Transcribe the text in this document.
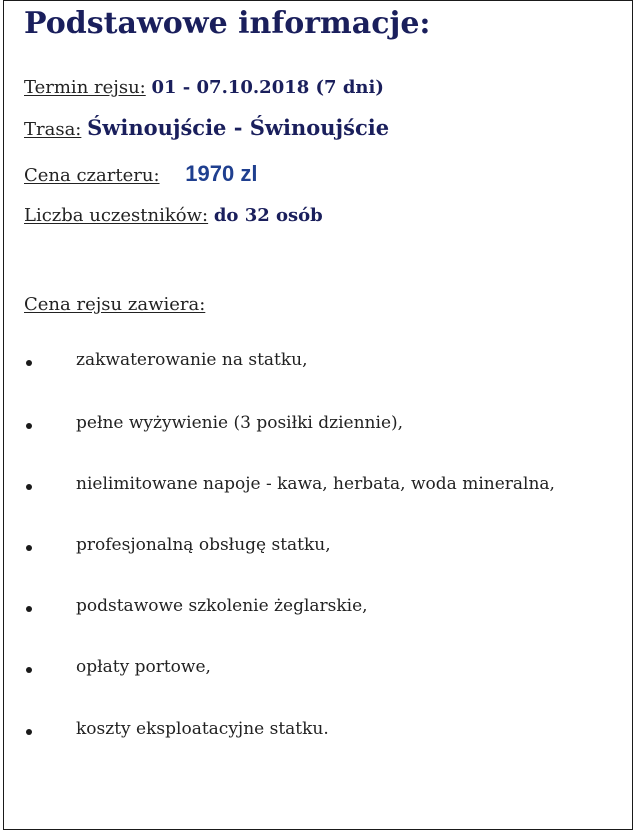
Podstawowe informacje:
Termin rejsu: 01 - 07.10.2018 (7 dni)
Trasa: Świnoujście - Świnoujście
Cena czarteru: 1970 zl
Liczba uczestników: do 32 osób
Cena rejsu zawiera:
zakwaterowanie na statku,
pełne wyżywienie (3 posiłki dziennie),
nielimitowane napoje - kawa, herbata, woda mineralna,
profesjonalną obsługę statku,
podstawowe szkolenie żeglarskie,
opłaty portowe,
koszty eksploatacyjne statku.
